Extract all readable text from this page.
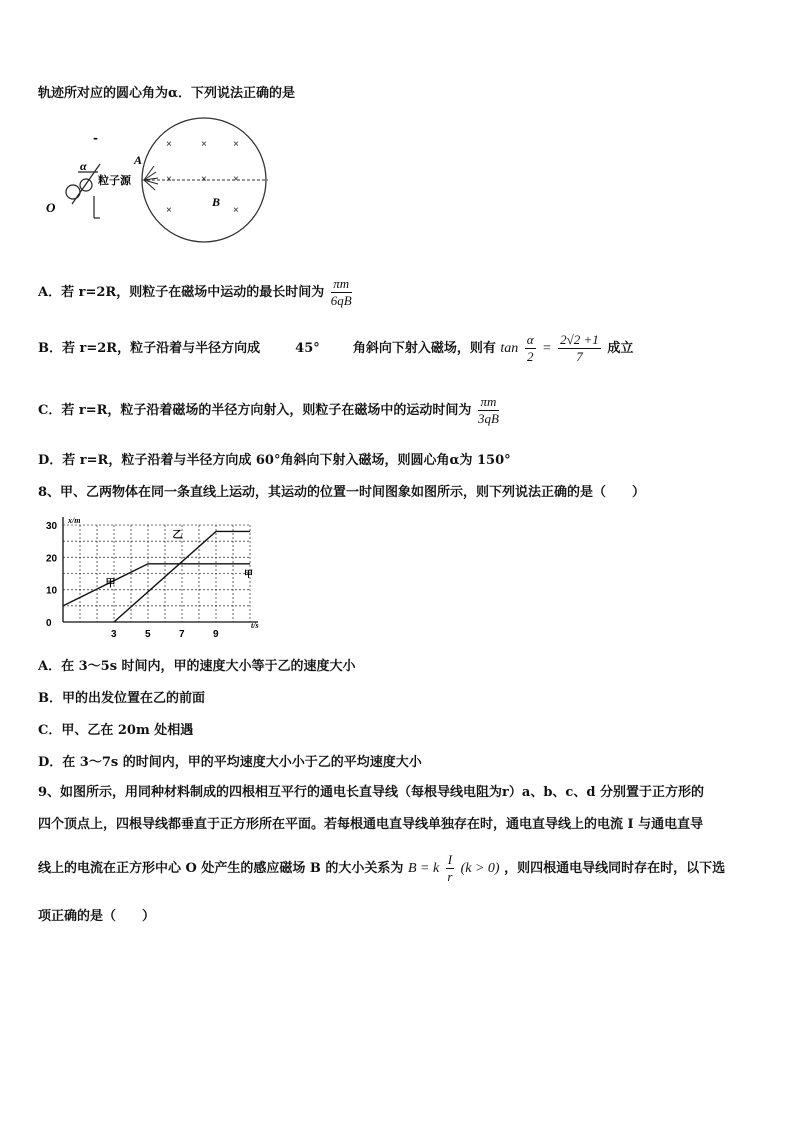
轨迹所对应的圆心角为α．下列说法正确的是
×	×	×
×	×	×
×	×
A
B
粒子源
-
α
O
A．若 r=2R，则粒子在磁场中运动的最长时间为 $\frac{\pi m}{6qB}$
B．若 r=2R，粒子沿着与半径方向成	45°	角斜向下射入磁场，则有 $\tan \frac{\alpha}{2} = \frac{2√2 +1}{7}$ 成立
C．若 r=R，粒子沿着磁场的半径方向射入，则粒子在磁场中的运动时间为 $\frac{\pi m}{3qB}$
D．若 r=R，粒子沿着与半径方向成 60°角斜向下射入磁场，则圆心角α为 150°
8、甲、乙两物体在同一条直线上运动，其运动的位置一时间图象如图所示，则下列说法正确的是（　　）
3	5	7	9
0
10
20
30
x/m
t/s
甲
甲
乙
A．在 3～5s 时间内，甲的速度大小等于乙的速度大小
B．甲的出发位置在乙的前面
C．甲、乙在 20m 处相遇
D．在 3～7s 的时间内，甲的平均速度大小小于乙的平均速度大小
9、如图所示，用同种材料制成的四根相互平行的通电长直导线（每根导线电阻为r）a、b、c、d 分别置于正方形的
四个顶点上，四根导线都垂直于正方形所在平面。若每根通电直导线单独存在时，通电直导线上的电流 I 与通电直导
线上的电流在正方形中心 O 处产生的感应磁场 B 的大小关系为 B = k $\frac{I}{r} (k > 0)$ ，则四根通电导线同时存在时，以下选
项正确的是（　　）
